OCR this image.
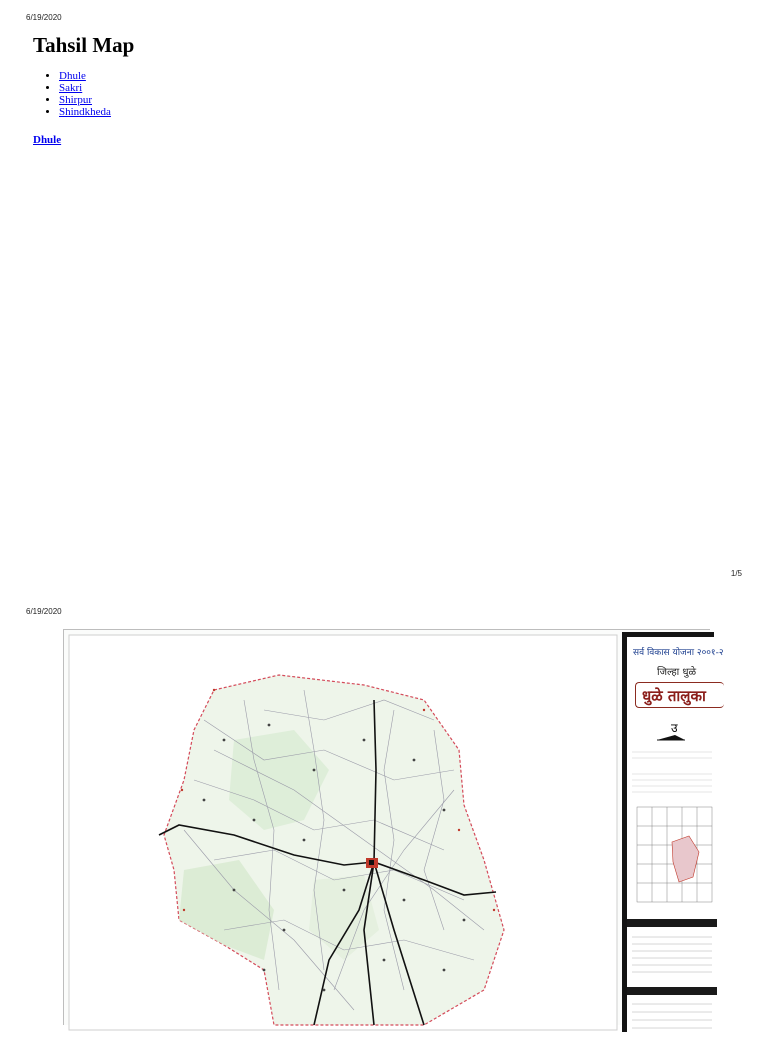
6/19/2020
Tahsil Map
• Dhule
• Sakri
• Shirpur
• Shindkheda
Dhule
1/5
6/19/2020
सर्व विकास योजना २००१-२
जिल्हा धुळे
धुळे तालुका
उ
